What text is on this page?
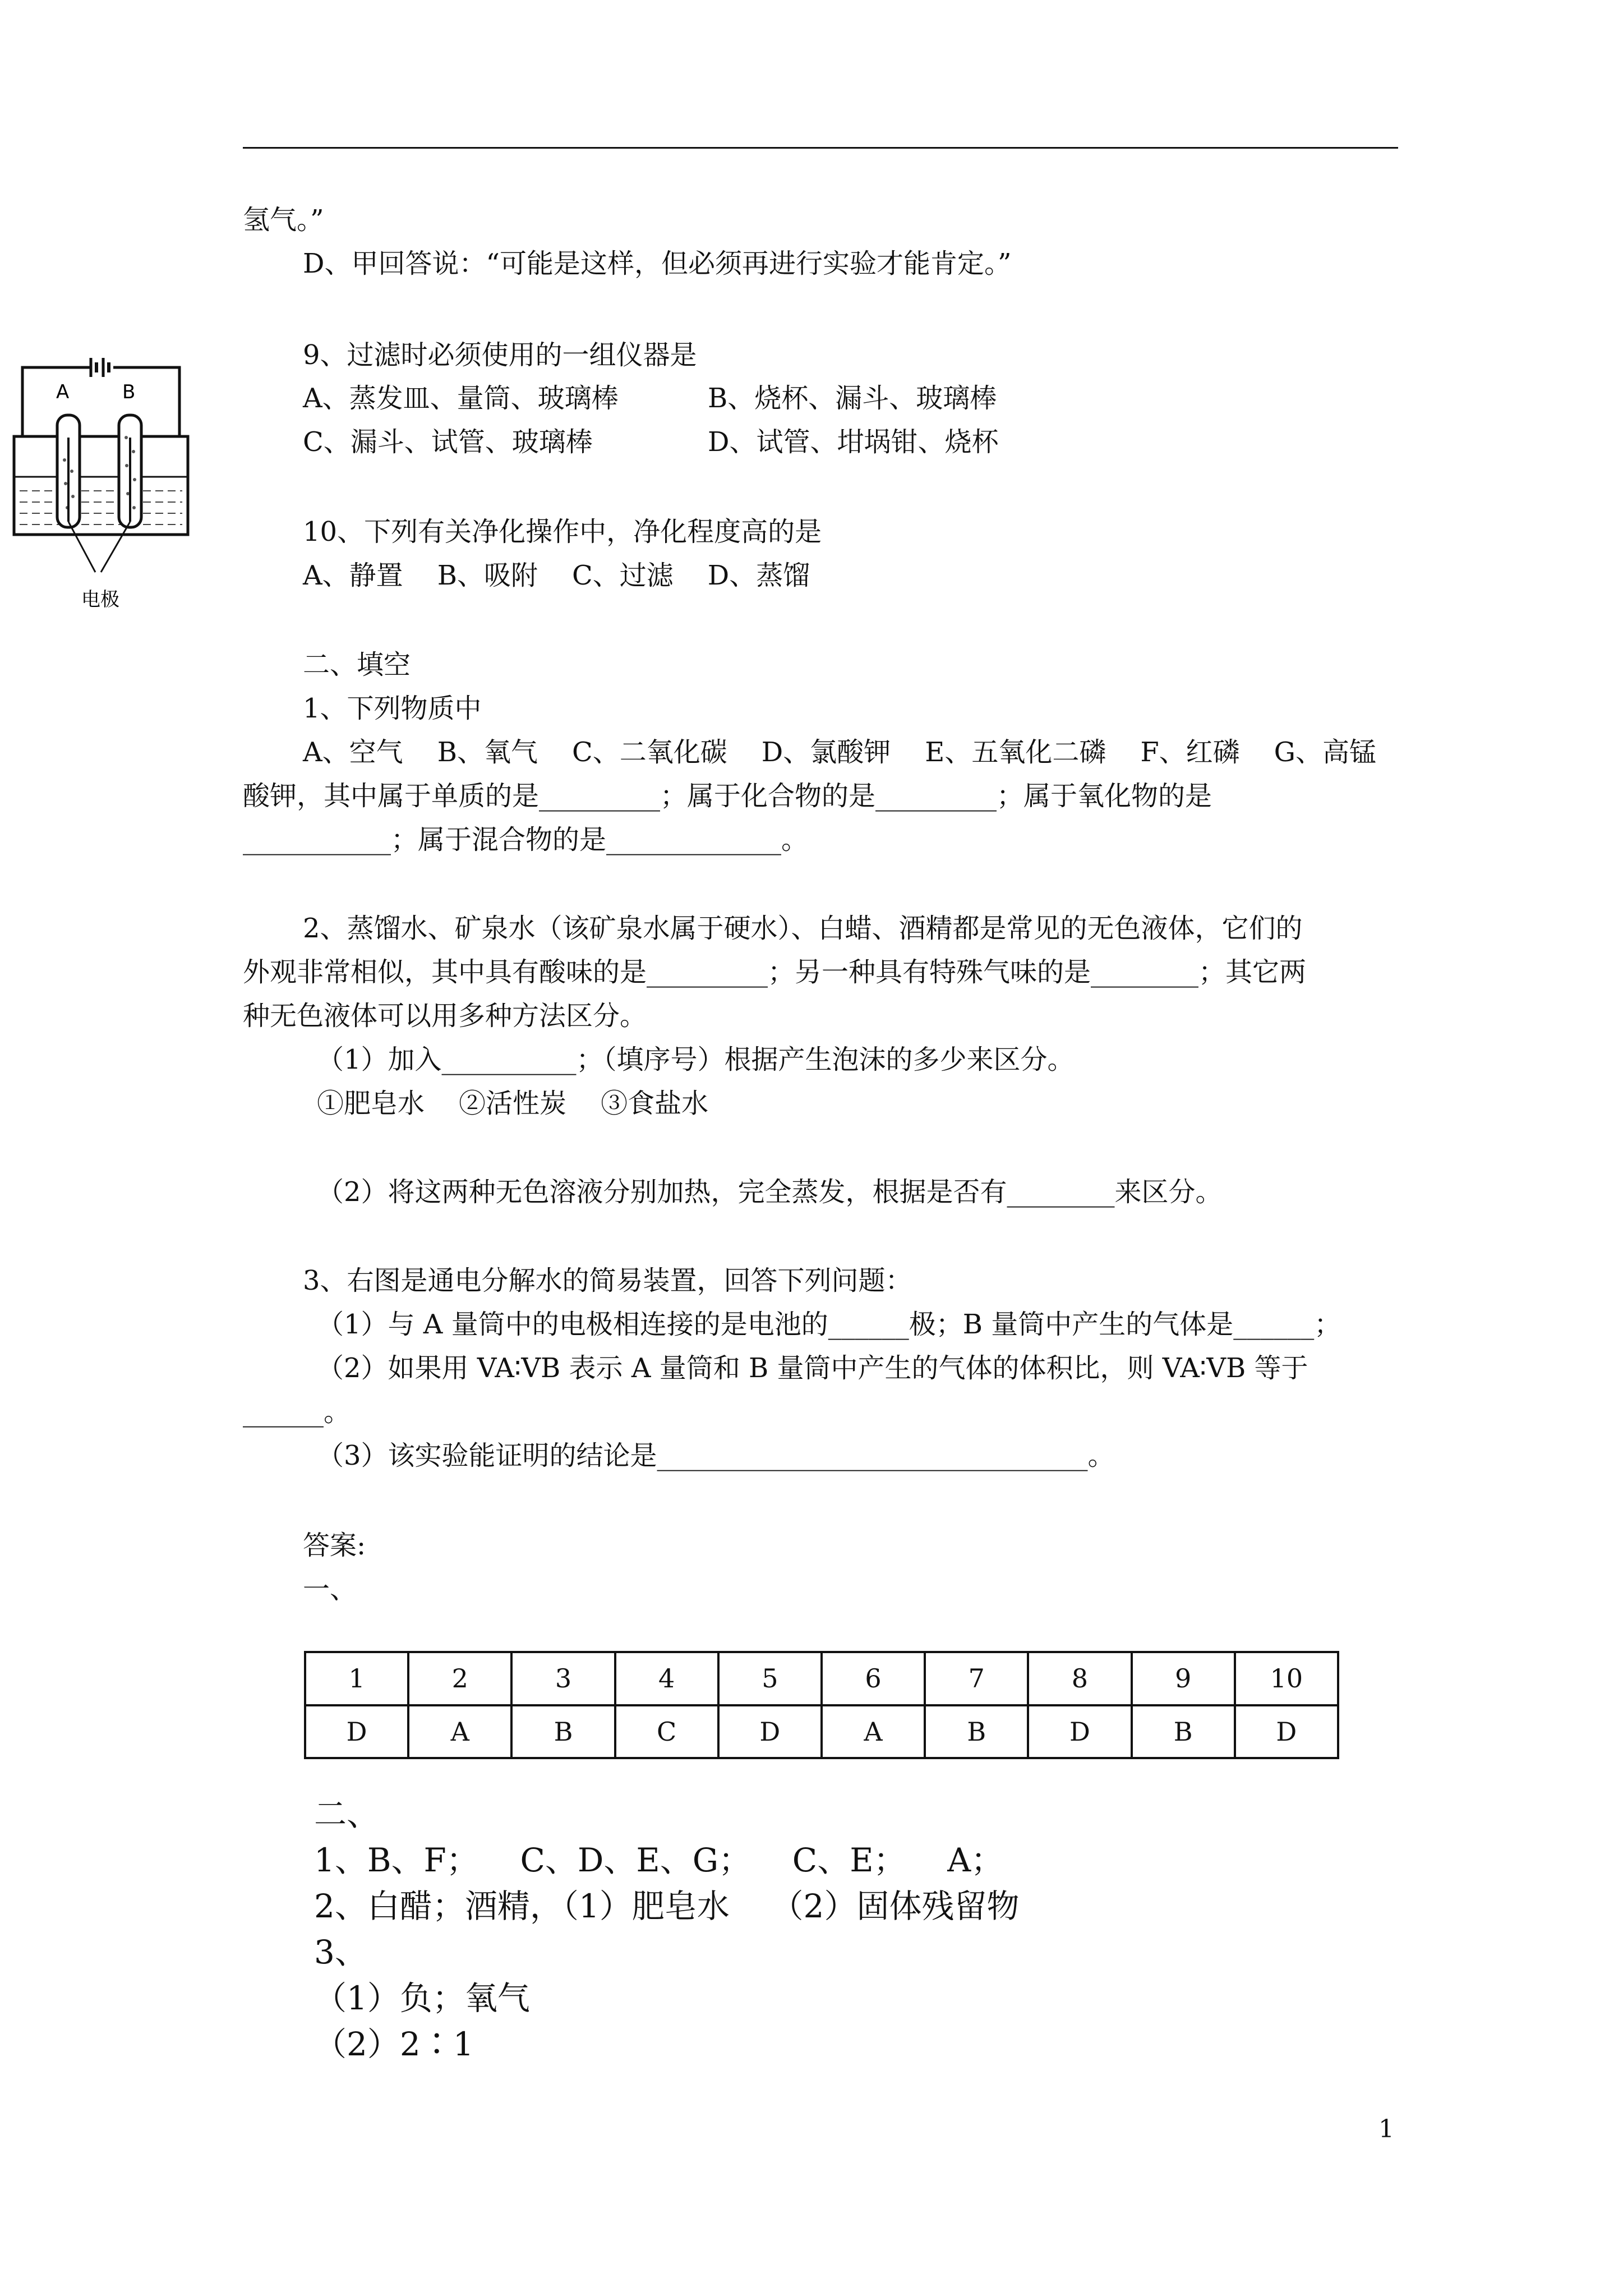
氢气。”
D、甲回答说：“可能是这样，但必须再进行实验才能肯定。”
9、过滤时必须使用的一组仪器是
A、蒸发皿、量筒、玻璃棒	B、烧杯、漏斗、玻璃棒
C、漏斗、试管、玻璃棒	D、试管、坩埚钳、烧杯
10、下列有关净化操作中，净化程度高的是
A、静置    B、吸附    C、过滤    D、蒸馏
二、填空
1、下列物质中
A、空气    B、氧气    C、二氧化碳    D、氯酸钾    E、五氧化二磷    F、红磷    G、高锰
酸钾，其中属于单质的是_________；属于化合物的是_________；属于氧化物的是
___________；属于混合物的是_____________。
2、蒸馏水、矿泉水（该矿泉水属于硬水）、白蜡、酒精都是常见的无色液体，它们的
外观非常相似，其中具有酸味的是_________；另一种具有特殊气味的是________；其它两
种无色液体可以用多种方法区分。
（1）加入__________；（填序号）根据产生泡沫的多少来区分。
①肥皂水    ②活性炭    ③食盐水
（2）将这两种无色溶液分别加热，完全蒸发，根据是否有________来区分。
3、右图是通电分解水的简易装置，回答下列问题：
（1）与 A 量筒中的电极相连接的是电池的______极；B 量筒中产生的气体是______；
（2）如果用 VA∶VB 表示 A 量筒和 B 量筒中产生的气体的体积比，则 VA∶VB 等于
______。
（3）该实验能证明的结论是________________________________。
答案:
一、
1	2	3	4	5	6	7	8	9	10
D	A	B	C	D	A	B	D	B	D
二、
1、B、F；    C、D、E、G；    C、E；    A；
2、白醋；酒精，（1）肥皂水    （2）固体残留物
3、
（1）负；氧气
（2）2∶1
1
A	B
电极
